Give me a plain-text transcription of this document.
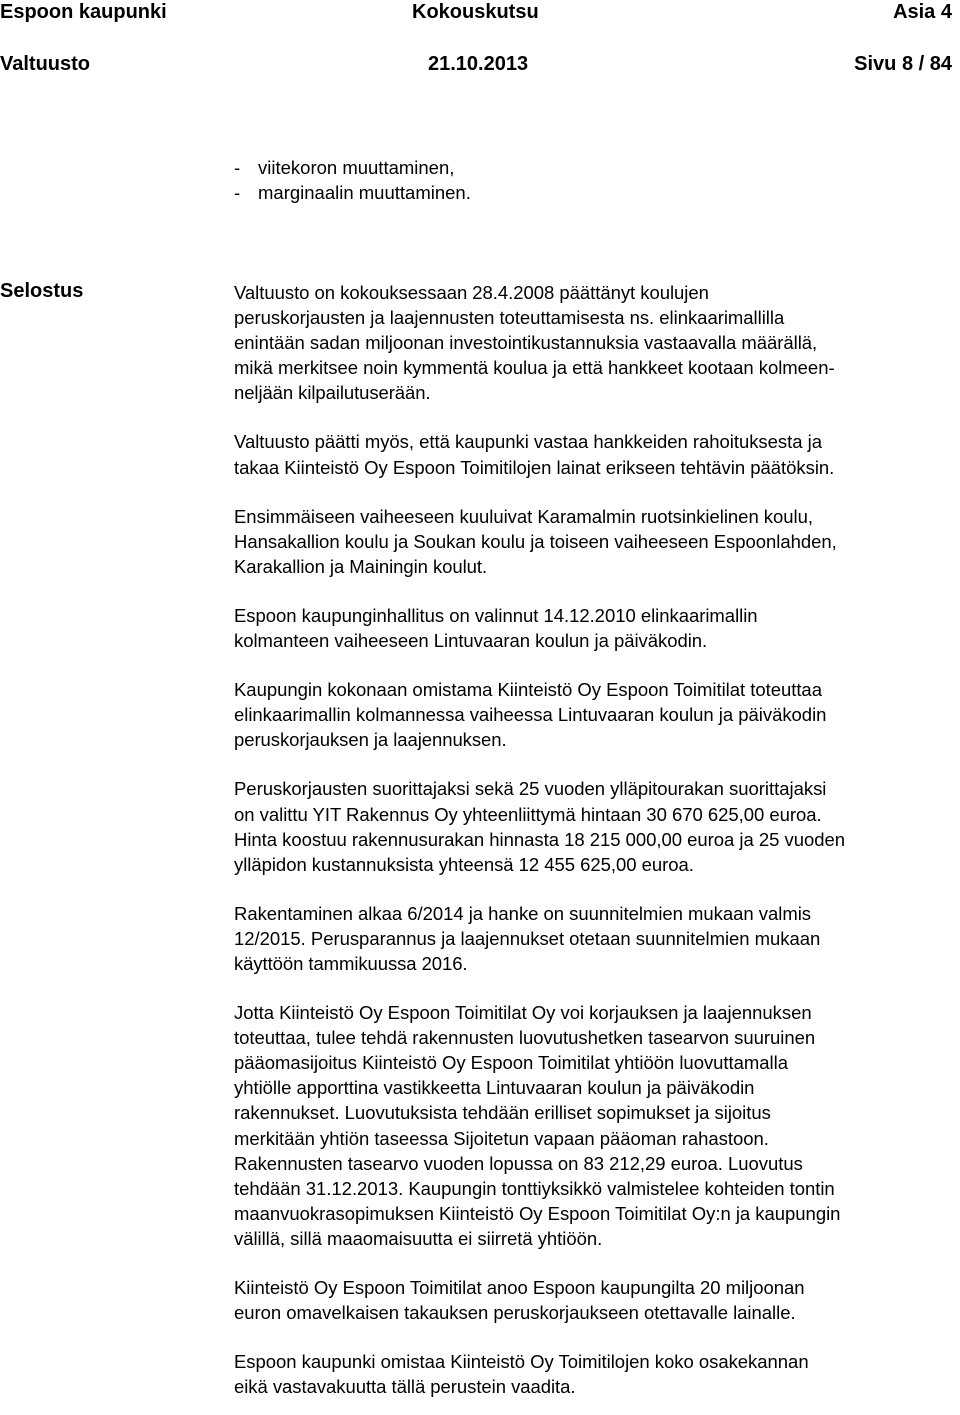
Espoon kaupunki	Kokouskutsu	Asia 4
Valtuusto	21.10.2013	Sivu 8 / 84
- viitekoron muuttaminen,
- marginaalin muuttaminen.
Selostus	Valtuusto on kokouksessaan 28.4.2008 päättänyt koulujen
peruskorjausten ja laajennusten toteuttamisesta ns. elinkaarimallilla
enintään sadan miljoonan investointikustannuksia vastaavalla määrällä,
mikä merkitsee noin kymmentä koulua ja että hankkeet kootaan kolmeen-
neljään kilpailutuserään.

Valtuusto päätti myös, että kaupunki vastaa hankkeiden rahoituksesta ja
takaa Kiinteistö Oy Espoon Toimitilojen lainat erikseen tehtävin päätöksin.

Ensimmäiseen vaiheeseen kuuluivat Karamalmin ruotsinkielinen koulu,
Hansakallion koulu ja Soukan koulu ja toiseen vaiheeseen Espoonlahden,
Karakallion ja Mainingin koulut.

Espoon kaupunginhallitus on valinnut 14.12.2010 elinkaarimallin
kolmanteen vaiheeseen Lintuvaaran koulun ja päiväkodin.

Kaupungin kokonaan omistama Kiinteistö Oy Espoon Toimitilat toteuttaa
elinkaarimallin kolmannessa vaiheessa Lintuvaaran koulun ja päiväkodin
peruskorjauksen ja laajennuksen.

Peruskorjausten suorittajaksi sekä 25 vuoden ylläpitourakan suorittajaksi
on valittu YIT Rakennus Oy yhteenliittymä hintaan 30 670 625,00 euroa.
Hinta koostuu rakennusurakan hinnasta 18 215 000,00 euroa ja 25 vuoden
ylläpidon kustannuksista yhteensä 12 455 625,00 euroa.

Rakentaminen alkaa 6/2014 ja hanke on suunnitelmien mukaan valmis
12/2015. Perusparannus ja laajennukset otetaan suunnitelmien mukaan
käyttöön tammikuussa 2016.

Jotta Kiinteistö Oy Espoon Toimitilat Oy voi korjauksen ja laajennuksen
toteuttaa, tulee tehdä rakennusten luovutushetken tasearvon suuruinen
pääomasijoitus Kiinteistö Oy Espoon Toimitilat yhtiöön luovuttamalla
yhtiölle apporttina vastikkeetta Lintuvaaran koulun ja päiväkodin
rakennukset. Luovutuksista tehdään erilliset sopimukset ja sijoitus
merkitään yhtiön taseessa Sijoitetun vapaan pääoman rahastoon.
Rakennusten tasearvo vuoden lopussa on 83 212,29 euroa. Luovutus
tehdään 31.12.2013. Kaupungin tonttiyksikkö valmistelee kohteiden tontin
maanvuokrasopimuksen Kiinteistö Oy Espoon Toimitilat Oy:n ja kaupungin
välillä, sillä maaomaisuutta ei siirretä yhtiöön.

Kiinteistö Oy Espoon Toimitilat anoo Espoon kaupungilta 20 miljoonan
euron omavelkaisen takauksen peruskorjaukseen otettavalle lainalle.

Espoon kaupunki omistaa Kiinteistö Oy Toimitilojen koko osakekannan
eikä vastavakuutta tällä perustein vaadita.
